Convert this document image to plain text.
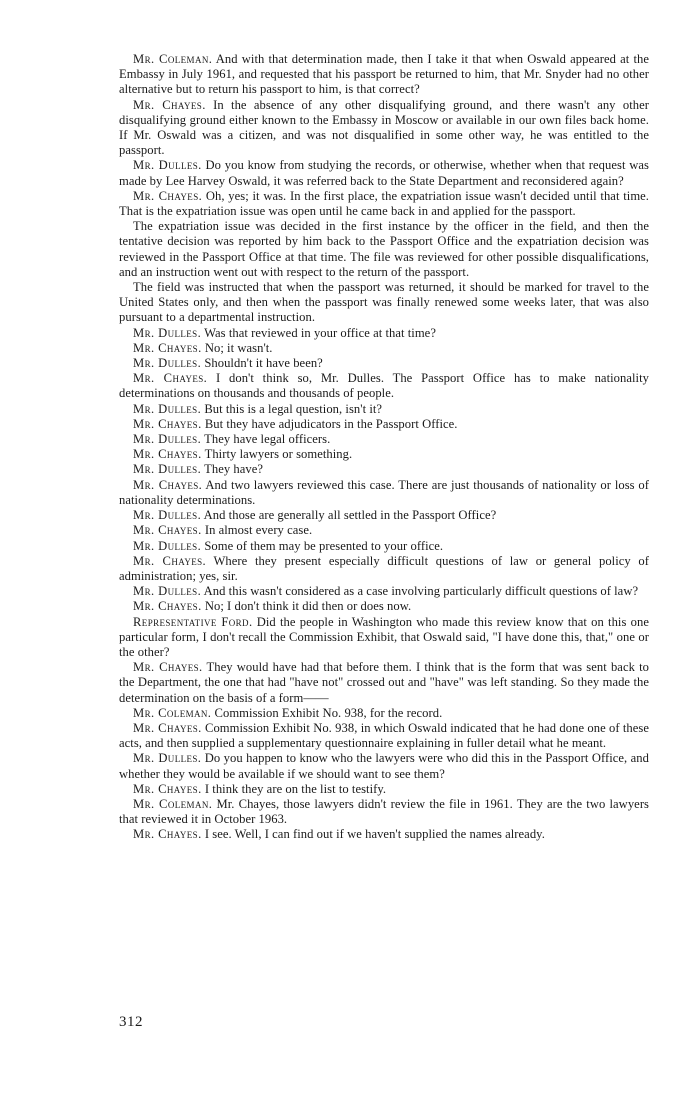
Mr. Coleman. And with that determination made, then I take it that when Oswald appeared at the Embassy in July 1961, and requested that his passport be returned to him, that Mr. Snyder had no other alternative but to return his passport to him, is that correct?

Mr. Chayes. In the absence of any other disqualifying ground, and there wasn't any other disqualifying ground either known to the Embassy in Moscow or available in our own files back home. If Mr. Oswald was a citizen, and was not disqualified in some other way, he was entitled to the passport.

Mr. Dulles. Do you know from studying the records, or otherwise, whether when that request was made by Lee Harvey Oswald, it was referred back to the State Department and reconsidered again?

Mr. Chayes. Oh, yes; it was. In the first place, the expatriation issue wasn't decided until that time. That is the expatriation issue was open until he came back in and applied for the passport.

The expatriation issue was decided in the first instance by the officer in the field, and then the tentative decision was reported by him back to the Passport Office and the expatriation decision was reviewed in the Passport Office at that time. The file was reviewed for other possible disqualifications, and an instruction went out with respect to the return of the passport.

The field was instructed that when the passport was returned, it should be marked for travel to the United States only, and then when the passport was finally renewed some weeks later, that was also pursuant to a departmental instruction.

Mr. Dulles. Was that reviewed in your office at that time?

Mr. Chayes. No; it wasn't.

Mr. Dulles. Shouldn't it have been?

Mr. Chayes. I don't think so, Mr. Dulles. The Passport Office has to make nationality determinations on thousands and thousands of people.

Mr. Dulles. But this is a legal question, isn't it?

Mr. Chayes. But they have adjudicators in the Passport Office.

Mr. Dulles. They have legal officers.

Mr. Chayes. Thirty lawyers or something.

Mr. Dulles. They have?

Mr. Chayes. And two lawyers reviewed this case. There are just thousands of nationality or loss of nationality determinations.

Mr. Dulles. And those are generally all settled in the Passport Office?

Mr. Chayes. In almost every case.

Mr. Dulles. Some of them may be presented to your office.

Mr. Chayes. Where they present especially difficult questions of law or general policy of administration; yes, sir.

Mr. Dulles. And this wasn't considered as a case involving particularly difficult questions of law?

Mr. Chayes. No; I don't think it did then or does now.

Representative Ford. Did the people in Washington who made this review know that on this one particular form, I don't recall the Commission Exhibit, that Oswald said, "I have done this, that," one or the other?

Mr. Chayes. They would have had that before them. I think that is the form that was sent back to the Department, the one that had "have not" crossed out and "have" was left standing. So they made the determination on the basis of a form——

Mr. Coleman. Commission Exhibit No. 938, for the record.

Mr. Chayes. Commission Exhibit No. 938, in which Oswald indicated that he had done one of these acts, and then supplied a supplementary questionnaire explaining in fuller detail what he meant.

Mr. Dulles. Do you happen to know who the lawyers were who did this in the Passport Office, and whether they would be available if we should want to see them?

Mr. Chayes. I think they are on the list to testify.

Mr. Coleman. Mr. Chayes, those lawyers didn't review the file in 1961. They are the two lawyers that reviewed it in October 1963.

Mr. Chayes. I see. Well, I can find out if we haven't supplied the names already.

312
